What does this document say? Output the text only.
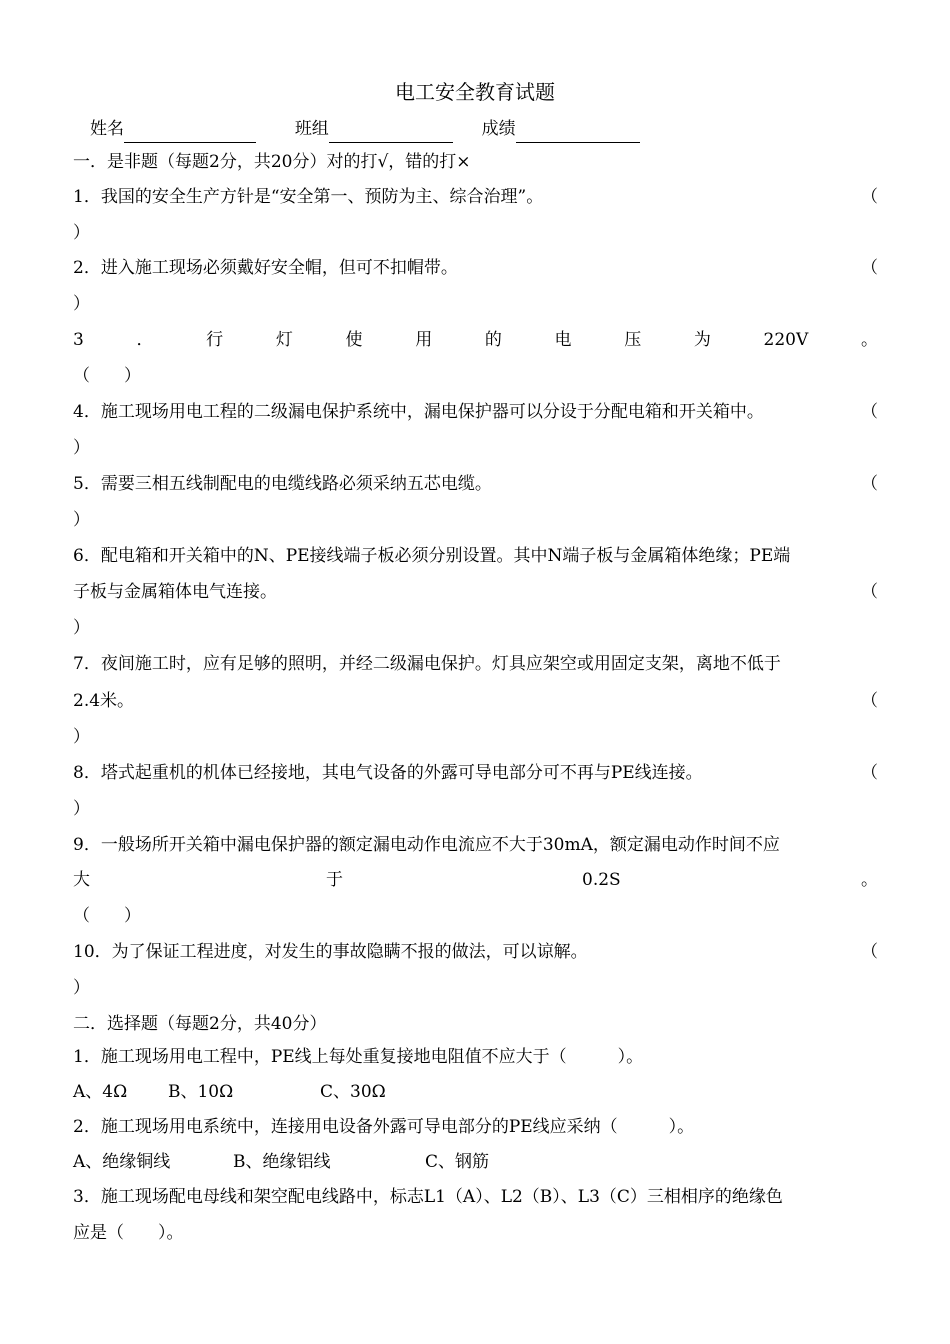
电工安全教育试题
姓名	班组	成绩
一．是非题（每题2分，共20分）对的打√，错的打×
1．我国的安全生产方针是“安全第一、预防为主、综合治理”。	（
）
2．进入施工现场必须戴好安全帽，但可不扣帽带。	（
）
3	．	行	灯	使	用	的	电	压	为	220V	。
（　　）
4．施工现场用电工程的二级漏电保护系统中，漏电保护器可以分设于分配电箱和开关箱中。	（
）
5．需要三相五线制配电的电缆线路必须采纳五芯电缆。	（
）
6．配电箱和开关箱中的N、PE接线端子板必须分别设置。其中N端子板与金属箱体绝缘；PE端
子板与金属箱体电气连接。	（
）
7．夜间施工时，应有足够的照明，并经二级漏电保护。灯具应架空或用固定支架，离地不低于
2.4米。	（
）
8．塔式起重机的机体已经接地，其电气设备的外露可导电部分可不再与PE线连接。	（
）
9．一般场所开关箱中漏电保护器的额定漏电动作电流应不大于30mA，额定漏电动作时间不应
大	于	0.2S	。
（　　）
10．为了保证工程进度，对发生的事故隐瞒不报的做法，可以谅解。	（
）
二．选择题（每题2分，共40分）
1．施工现场用电工程中，PE线上每处重复接地电阻值不应大于（　　　）。
A、4Ω B、10Ω	C、30Ω
2．施工现场用电系统中，连接用电设备外露可导电部分的PE线应采纳（　　　）。
A、绝缘铜线	B、绝缘铝线	C、钢筋
3．施工现场配电母线和架空配电线路中，标志L1（A）、L2（B）、L3（C）三相相序的绝缘色
应是（　　）。
